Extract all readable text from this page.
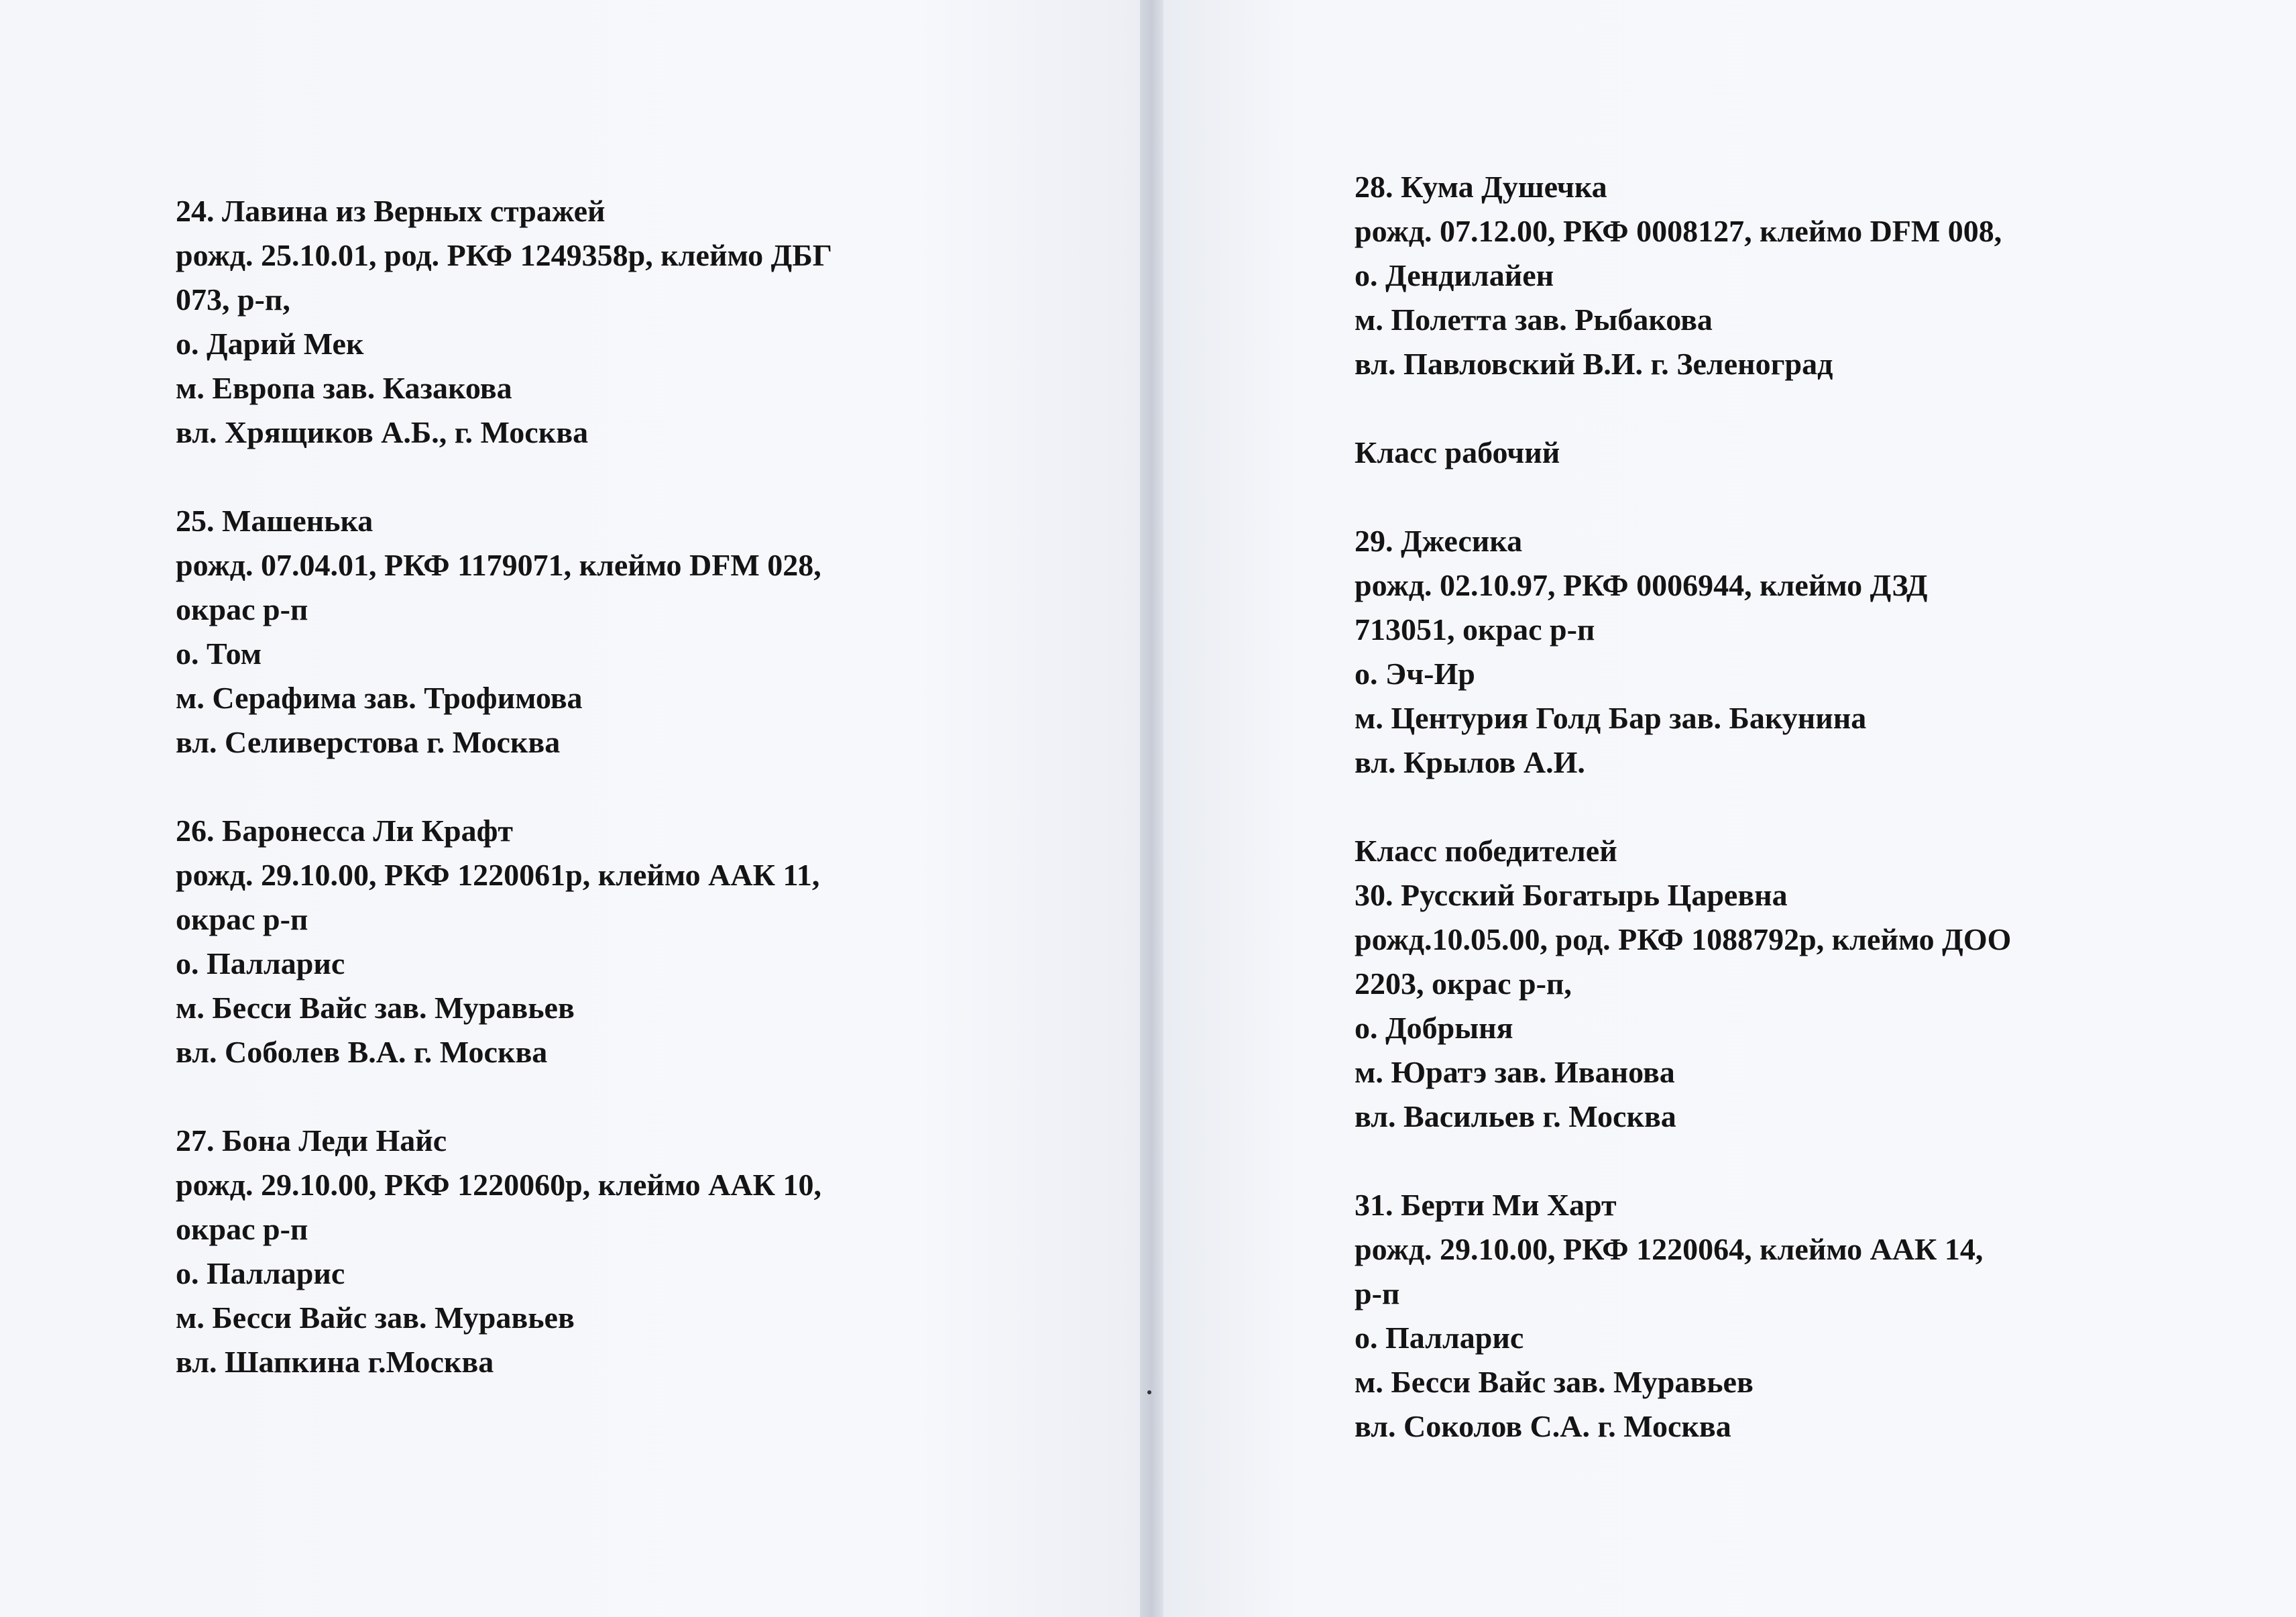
24. Лавина из Верных стражей
рожд. 25.10.01, род. РКФ 1249358р, клеймо ДБГ
073, р-п,
о. Дарий Мек
м. Европа зав. Казакова
вл. Хрящиков А.Б., г. Москва
25. Машенька
рожд. 07.04.01, РКФ 1179071, клеймо DFM 028,
окрас р-п
о. Том
м. Серафима зав. Трофимова
вл. Селиверстова г. Москва
26. Баронесса Ли Крафт
рожд. 29.10.00, РКФ 1220061р, клеймо ААК 11,
окрас р-п
о. Палларис
м. Бесси Вайс зав. Муравьев
вл. Соболев В.А. г. Москва
27. Бона Леди Найс
рожд. 29.10.00, РКФ 1220060р, клеймо ААК 10,
окрас р-п
о. Палларис
м. Бесси Вайс зав. Муравьев
вл. Шапкина г.Москва
28. Кума Душечка
рожд. 07.12.00, РКФ 0008127, клеймо DFM 008,
о. Дендилайен
м. Полетта зав. Рыбакова
вл. Павловский В.И. г. Зеленоград
Класс рабочий
29. Джесика
рожд. 02.10.97, РКФ 0006944, клеймо ДЗД
713051, окрас р-п
о. Эч-Ир
м. Центурия Голд Бар зав. Бакунина
вл. Крылов А.И.
Класс победителей
30. Русский Богатырь Царевна
рожд.10.05.00, род. РКФ 1088792р, клеймо ДОО
2203, окрас р-п,
о. Добрыня
м. Юратэ зав. Иванова
вл. Васильев г. Москва
31. Берти Ми Харт
рожд. 29.10.00, РКФ 1220064, клеймо ААК 14,
р-п
о. Палларис
м. Бесси Вайс зав. Муравьев
вл. Соколов С.А. г. Москва
